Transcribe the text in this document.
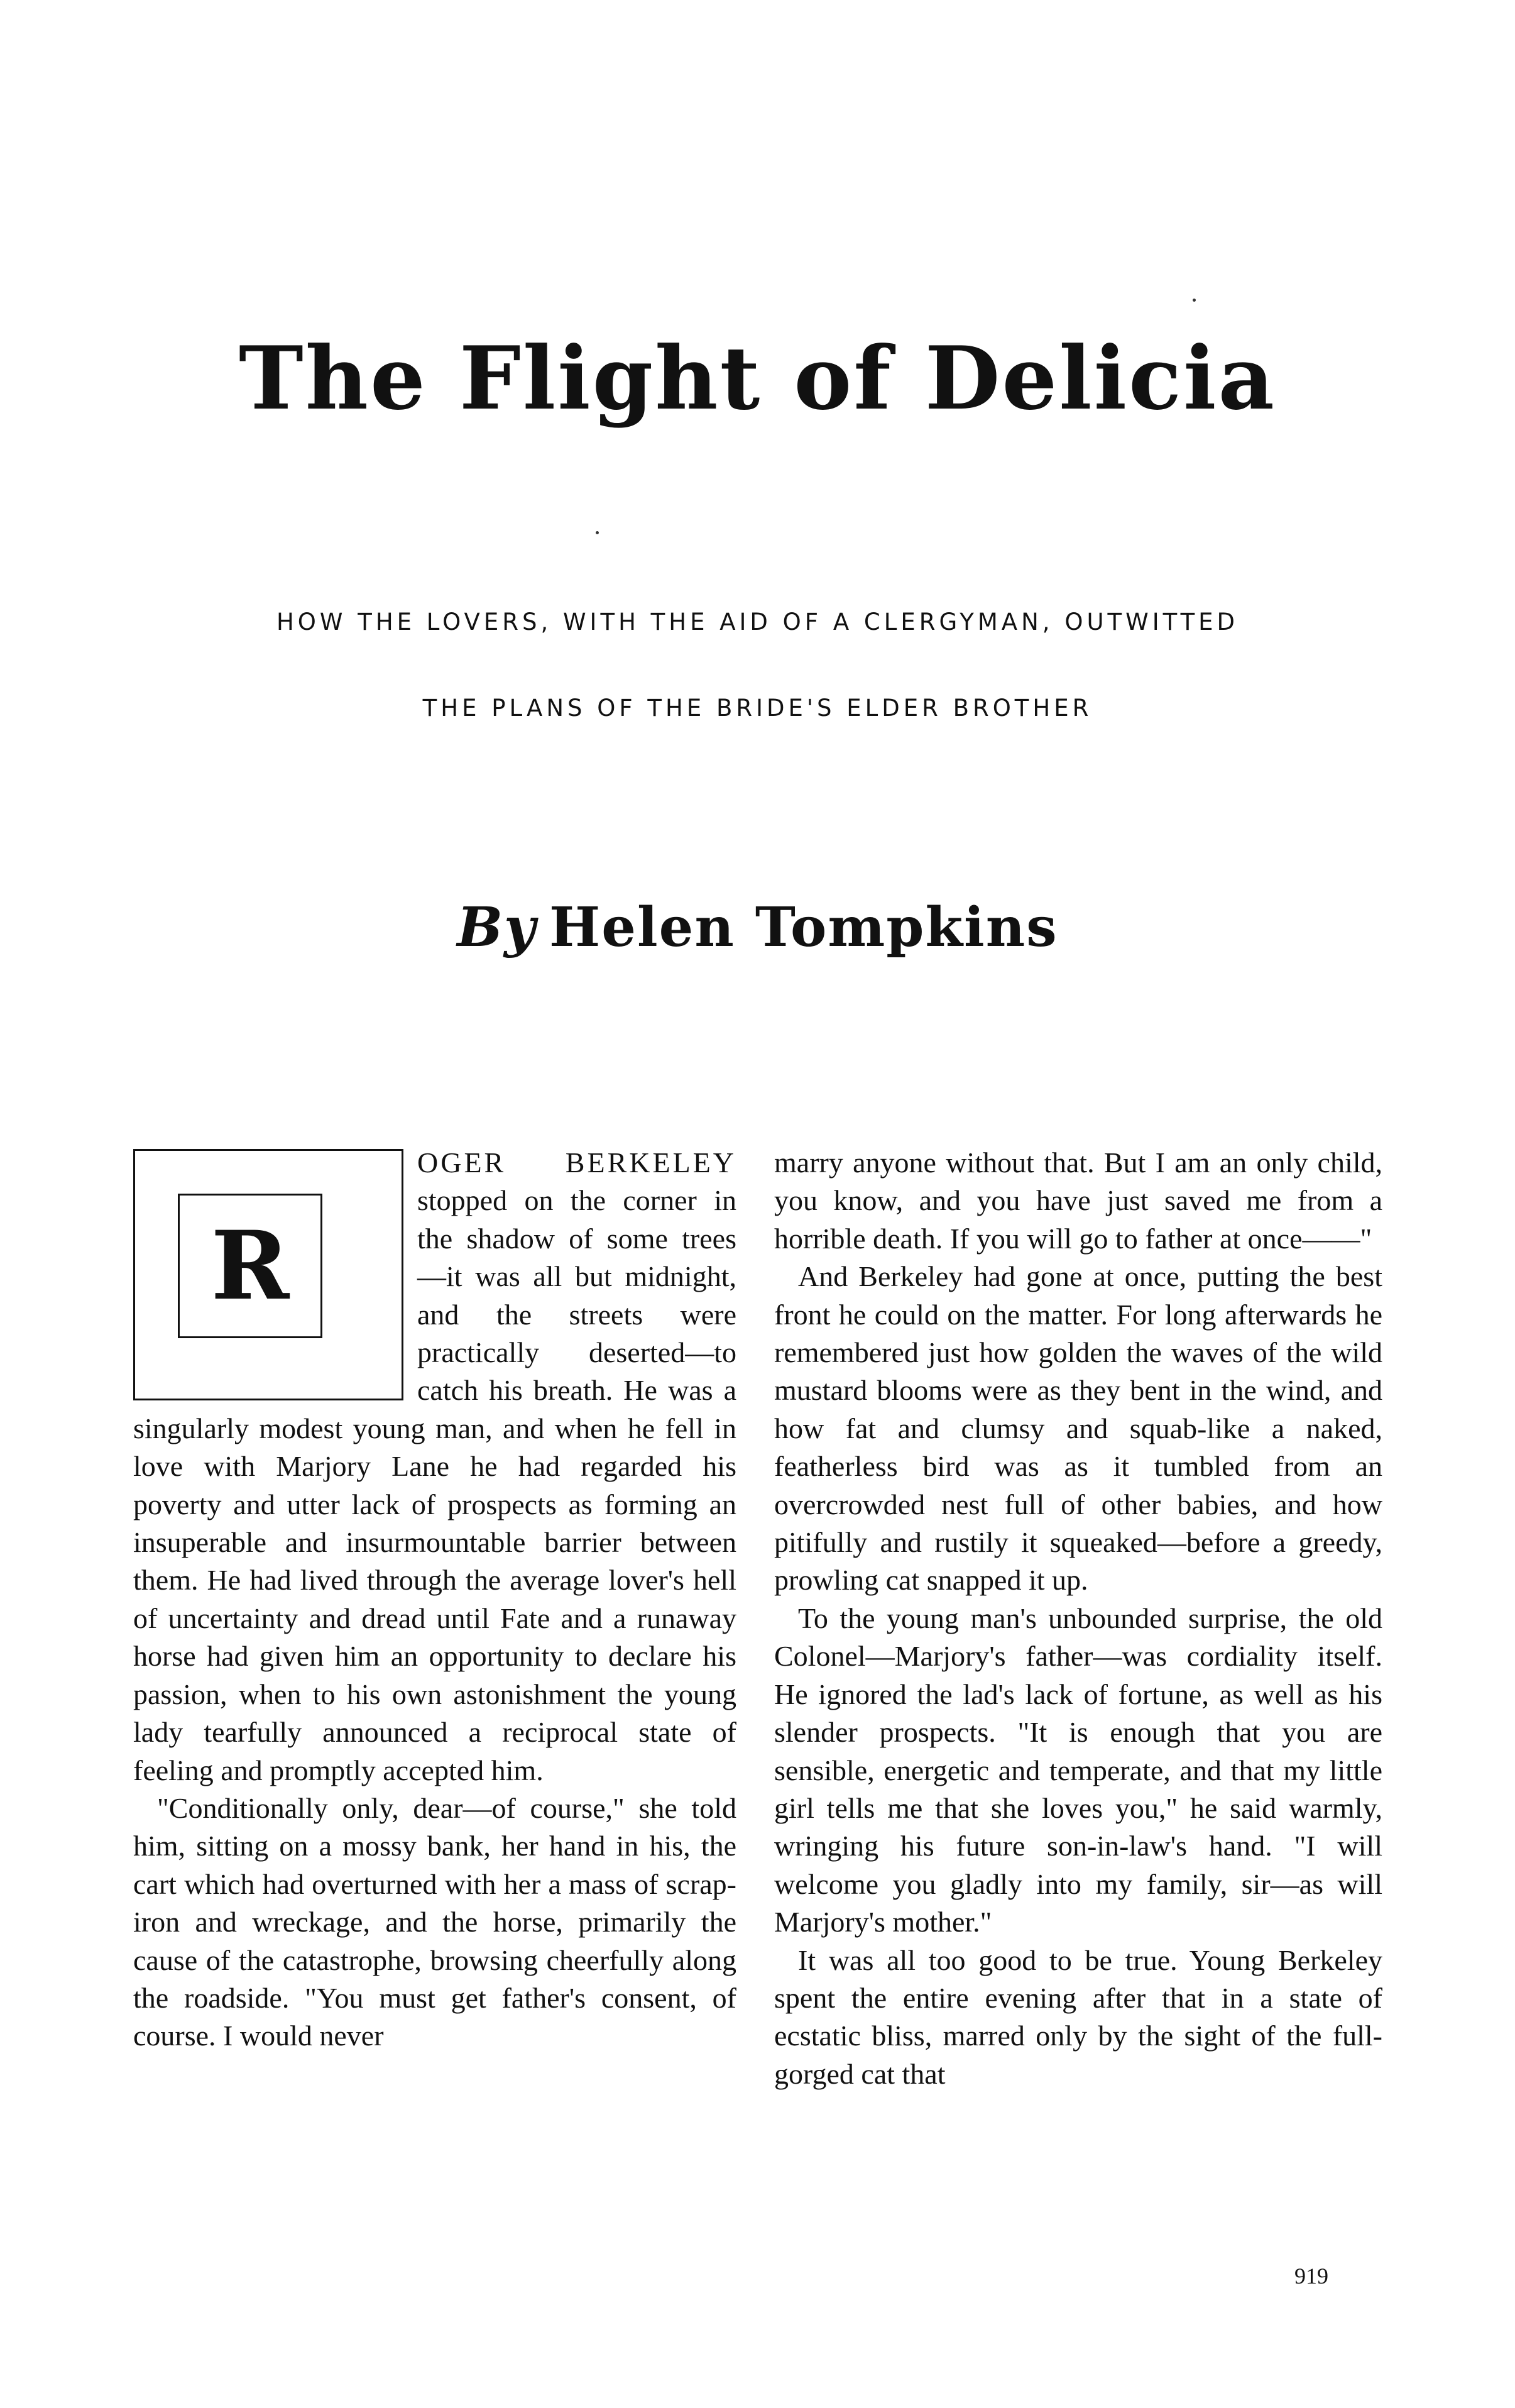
The Flight of Delicia

HOW THE LOVERS, WITH THE AID OF A CLERGYMAN, OUTWITTED

THE PLANS OF THE BRIDE'S ELDER BROTHER

By Helen Tompkins
R

OGER BERKELEY stopped on the corner in the shadow of some trees—it was all but midnight, and the streets were practically deserted—to catch his breath. He was a singularly modest young man, and when he fell in love with Marjory Lane he had regarded his poverty and utter lack of prospects as forming an insuperable and insurmountable barrier between them. He had lived through the average lover's hell of uncertainty and dread until Fate and a runaway horse had given him an opportunity to declare his passion, when to his own astonishment the young lady tearfully announced a reciprocal state of feeling and promptly accepted him.

"Conditionally only, dear—of course," she told him, sitting on a mossy bank, her hand in his, the cart which had overturned with her a mass of scrap-iron and wreckage, and the horse, primarily the cause of the catastrophe, browsing cheerfully along the roadside. "You must get father's consent, of course. I would never

marry anyone without that. But I am an only child, you know, and you have just saved me from a horrible death. If you will go to father at once——"

And Berkeley had gone at once, putting the best front he could on the matter. For long afterwards he remembered just how golden the waves of the wild mustard blooms were as they bent in the wind, and how fat and clumsy and squab-like a naked, featherless bird was as it tumbled from an overcrowded nest full of other babies, and how pitifully and rustily it squeaked—before a greedy, prowling cat snapped it up.

To the young man's unbounded surprise, the old Colonel—Marjory's father—was cordiality itself. He ignored the lad's lack of fortune, as well as his slender prospects. "It is enough that you are sensible, energetic and temperate, and that my little girl tells me that she loves you," he said warmly, wringing his future son-in-law's hand. "I will welcome you gladly into my family, sir—as will Marjory's mother."

It was all too good to be true. Young Berkeley spent the entire evening after that in a state of ecstatic bliss, marred only by the sight of the full-gorged cat that

919
